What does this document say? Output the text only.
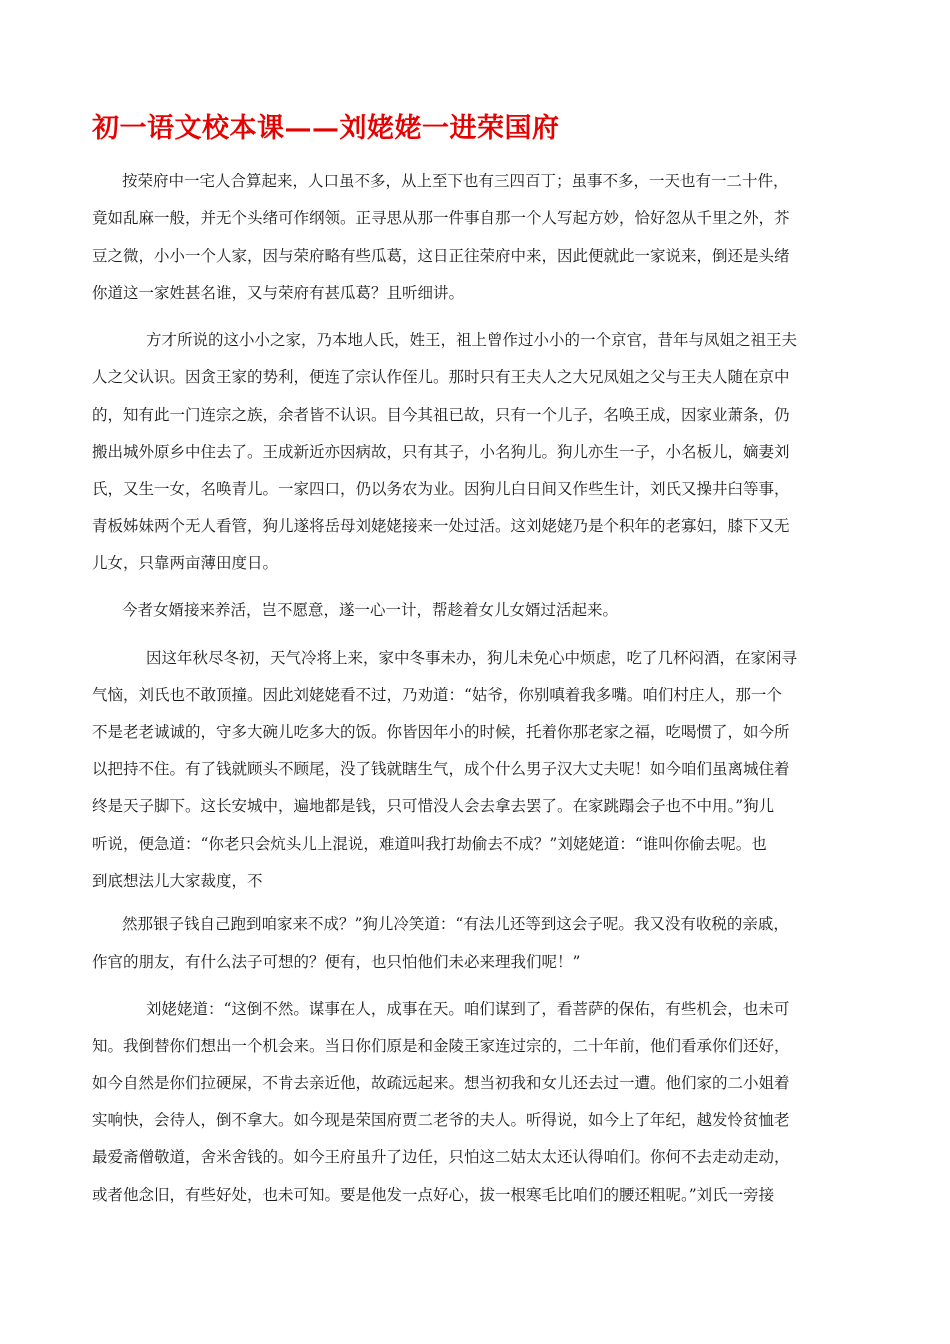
初一语文校本课——刘姥姥一进荣国府
按荣府中一宅人合算起来，人口虽不多，从上至下也有三四百丁；虽事不多，一天也有一二十件，
竟如乱麻一般，并无个头绪可作纲领。正寻思从那一件事自那一个人写起方妙，恰好忽从千里之外，芥
豆之微，小小一个人家，因与荣府略有些瓜葛，这日正往荣府中来，因此便就此一家说来，倒还是头绪
你道这一家姓甚名谁，又与荣府有甚瓜葛？且听细讲。
方才所说的这小小之家，乃本地人氏，姓王，祖上曾作过小小的一个京官，昔年与凤姐之祖王夫
人之父认识。因贪王家的势利，便连了宗认作侄儿。那时只有王夫人之大兄凤姐之父与王夫人随在京中
的，知有此一门连宗之族，余者皆不认识。目今其祖已故，只有一个儿子，名唤王成，因家业萧条，仍
搬出城外原乡中住去了。王成新近亦因病故，只有其子，小名狗儿。狗儿亦生一子，小名板儿，嫡妻刘
氏，又生一女，名唤青儿。一家四口，仍以务农为业。因狗儿白日间又作些生计，刘氏又操井臼等事，
青板姊妹两个无人看管，狗儿遂将岳母刘姥姥接来一处过活。这刘姥姥乃是个积年的老寡妇，膝下又无
儿女，只靠两亩薄田度日。
今者女婿接来养活，岂不愿意，遂一心一计，帮趁着女儿女婿过活起来。
因这年秋尽冬初，天气冷将上来，家中冬事未办，狗儿未免心中烦虑，吃了几杯闷酒，在家闲寻
气恼，刘氏也不敢顶撞。因此刘姥姥看不过，乃劝道：“姑爷，你别嗔着我多嘴。咱们村庄人，那一个
不是老老诚诚的，守多大碗儿吃多大的饭。你皆因年小的时候，托着你那老家之福，吃喝惯了，如今所
以把持不住。有了钱就顾头不顾尾，没了钱就瞎生气，成个什么男子汉大丈夫呢！如今咱们虽离城住着
终是天子脚下。这长安城中，遍地都是钱，只可惜没人会去拿去罢了。在家跳蹋会子也不中用。”狗儿
听说，便急道：“你老只会炕头儿上混说，难道叫我打劫偷去不成？”刘姥姥道：“谁叫你偷去呢。也
到底想法儿大家裁度，不
然那银子钱自己跑到咱家来不成？”狗儿冷笑道：“有法儿还等到这会子呢。我又没有收税的亲戚，
作官的朋友，有什么法子可想的？便有，也只怕他们未必来理我们呢！”
刘姥姥道：“这倒不然。谋事在人，成事在天。咱们谋到了，看菩萨的保佑，有些机会，也未可
知。我倒替你们想出一个机会来。当日你们原是和金陵王家连过宗的，二十年前，他们看承你们还好，
如今自然是你们拉硬屎，不肯去亲近他，故疏远起来。想当初我和女儿还去过一遭。他们家的二小姐着
实响快，会待人，倒不拿大。如今现是荣国府贾二老爷的夫人。听得说，如今上了年纪，越发怜贫恤老
最爱斋僧敬道，舍米舍钱的。如今王府虽升了边任，只怕这二姑太太还认得咱们。你何不去走动走动，
或者他念旧，有些好处，也未可知。要是他发一点好心，拔一根寒毛比咱们的腰还粗呢。”刘氏一旁接
